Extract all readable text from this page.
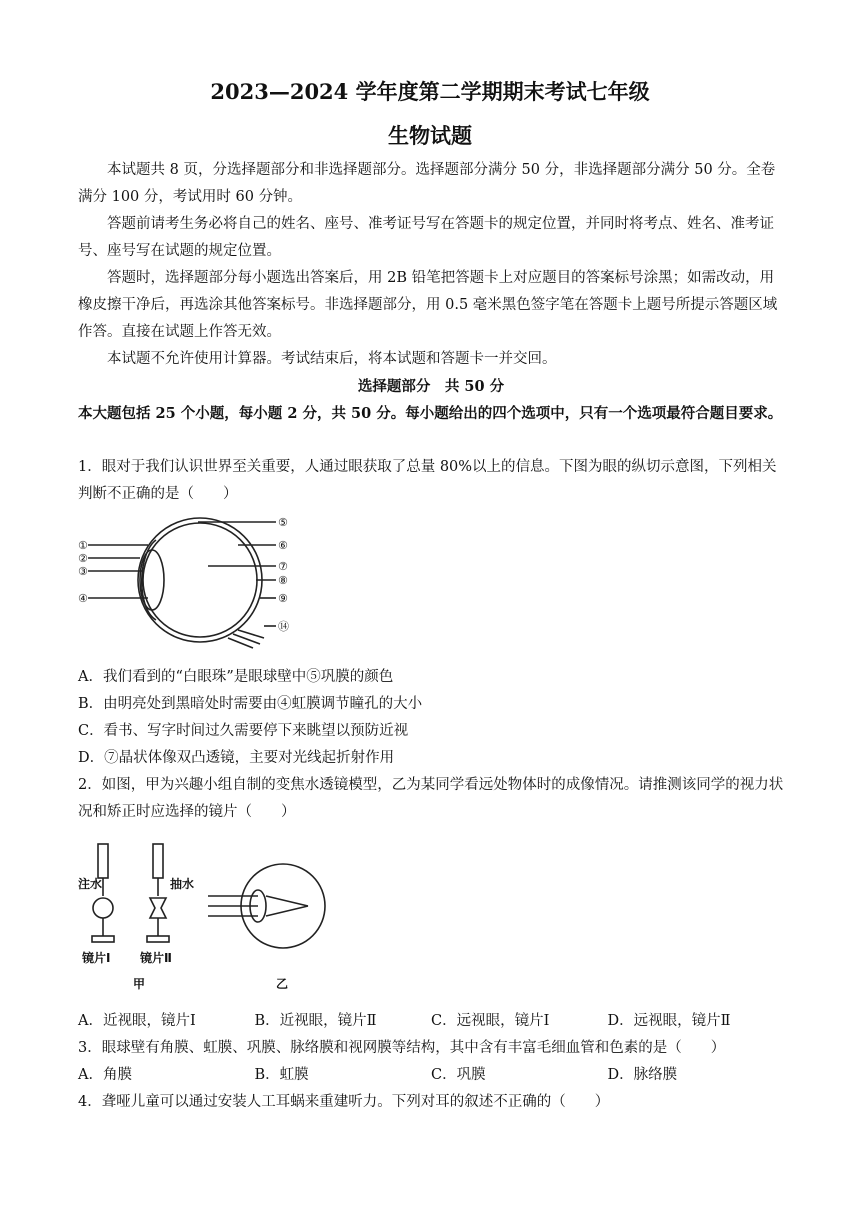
2023—2024 学年度第二学期期末考试七年级
生物试题
本试题共 8 页，分选择题部分和非选择题部分。选择题部分满分 50 分，非选择题部分满分 50 分。全卷满分 100 分，考试用时 60 分钟。
答题前请考生务必将自己的姓名、座号、准考证号写在答题卡的规定位置，并同时将考点、姓名、准考证号、座号写在试题的规定位置。
答题时，选择题部分每小题选出答案后，用 2B 铅笔把答题卡上对应题目的答案标号涂黑；如需改动，用橡皮擦干净后，再选涂其他答案标号。非选择题部分，用 0.5 毫米黑色签字笔在答题卡上题号所提示答题区域作答。直接在试题上作答无效。
本试题不允许使用计算器。考试结束后，将本试题和答题卡一并交回。
选择题部分　共 50 分
本大题包括 25 个小题，每小题 2 分，共 50 分。每小题给出的四个选项中，只有一个选项最符合题目要求。
1．眼对于我们认识世界至关重要，人通过眼获取了总量 80%以上的信息。下图为眼的纵切示意图，下列相关判断不正确的是（　　）
①
②
③
④
⑤
⑥
⑦
⑧
⑨
⑭
A．我们看到的“白眼珠”是眼球壁中⑤巩膜的颜色
B．由明亮处到黑暗处时需要由④虹膜调节瞳孔的大小
C．看书、写字时间过久需要停下来眺望以预防近视
D．⑦晶状体像双凸透镜，主要对光线起折射作用
2．如图，甲为兴趣小组自制的变焦水透镜模型，乙为某同学看远处物体时的成像情况。请推测该同学的视力状况和矫正时应选择的镜片（　　）
注水	抽水
镜片Ⅰ 镜片Ⅱ
甲	乙
A．近视眼，镜片Ⅰ	B．近视眼，镜片Ⅱ	C．远视眼，镜片Ⅰ	D．远视眼，镜片Ⅱ
3．眼球壁有角膜、虹膜、巩膜、脉络膜和视网膜等结构，其中含有丰富毛细血管和色素的是（　　）
A．角膜	B．虹膜	C．巩膜	D．脉络膜
4．聋哑儿童可以通过安装人工耳蜗来重建听力。下列对耳的叙述不正确的（　　）
